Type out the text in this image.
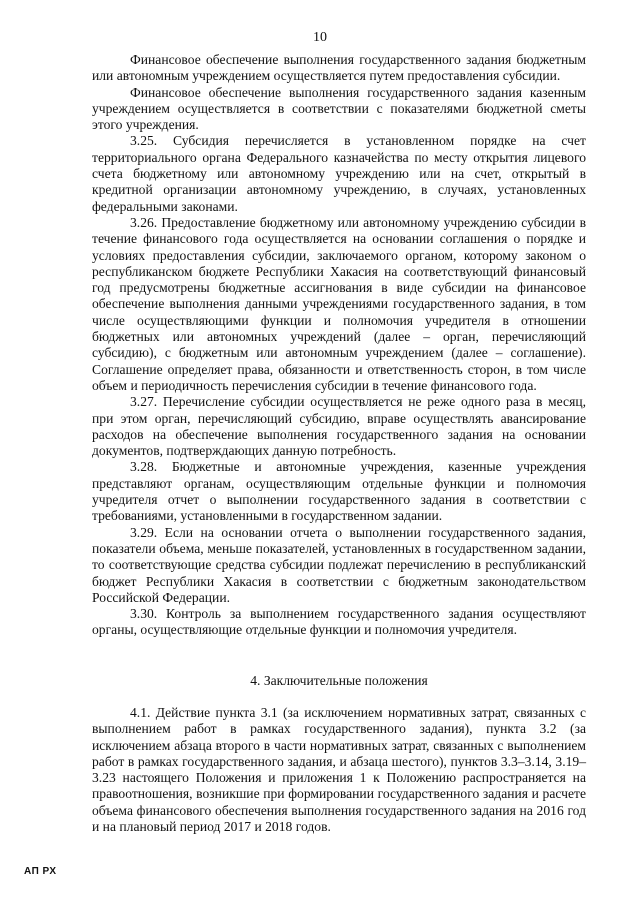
10

Финансовое обеспечение выполнения государственного задания бюджетным или автономным учреждением осуществляется путем предоставления субсидии.

Финансовое обеспечение выполнения государственного задания казенным учреждением осуществляется в соответствии с показателями бюджетной сметы этого учреждения.

3.25. Субсидия перечисляется в установленном порядке на счет территориального органа Федерального казначейства по месту открытия лицевого счета бюджетному или автономному учреждению или на счет, открытый в кредитной организации автономному учреждению, в случаях, установленных федеральными законами.

3.26. Предоставление бюджетному или автономному учреждению субсидии в течение финансового года осуществляется на основании соглашения о порядке и условиях предоставления субсидии, заключаемого органом, которому законом о республиканском бюджете Республики Хакасия на соответствующий финансовый год предусмотрены бюджетные ассигнования в виде субсидии на финансовое обеспечение выполнения данными учреждениями государственного задания, в том числе осуществляющими функции и полномочия учредителя в отношении бюджетных или автономных учреждений (далее – орган, перечисляющий субсидию), с бюджетным или автономным учреждением (далее – соглашение). Соглашение определяет права, обязанности и ответственность сторон, в том числе объем и периодичность перечисления субсидии в течение финансового года.

3.27. Перечисление субсидии осуществляется не реже одного раза в месяц, при этом орган, перечисляющий субсидию, вправе осуществлять авансирование расходов на обеспечение выполнения государственного задания на основании документов, подтверждающих данную потребность.

3.28. Бюджетные и автономные учреждения, казенные учреждения представляют органам, осуществляющим отдельные функции и полномочия учредителя отчет о выполнении государственного задания в соответствии с требованиями, установленными в государственном задании.

3.29. Если на основании отчета о выполнении государственного задания, показатели объема, меньше показателей, установленных в государственном задании, то соответствующие средства субсидии подлежат перечислению в республиканский бюджет Республики Хакасия в соответствии с бюджетным законодательством Российской Федерации.

3.30. Контроль за выполнением государственного задания осуществляют органы, осуществляющие отдельные функции и полномочия учредителя.

4. Заключительные положения

4.1. Действие пункта 3.1 (за исключением нормативных затрат, связанных с выполнением работ в рамках государственного задания), пункта 3.2 (за исключением абзаца второго в части нормативных затрат, связанных с выполнением работ в рамках государственного задания, и абзаца шестого), пунктов 3.3–3.14, 3.19–3.23 настоящего Положения и приложения 1 к Положению распространяется на правоотношения, возникшие при формировании государственного задания и расчете объема финансового обеспечения выполнения государственного задания на 2016 год и на плановый период 2017 и 2018 годов.

АП РХ
